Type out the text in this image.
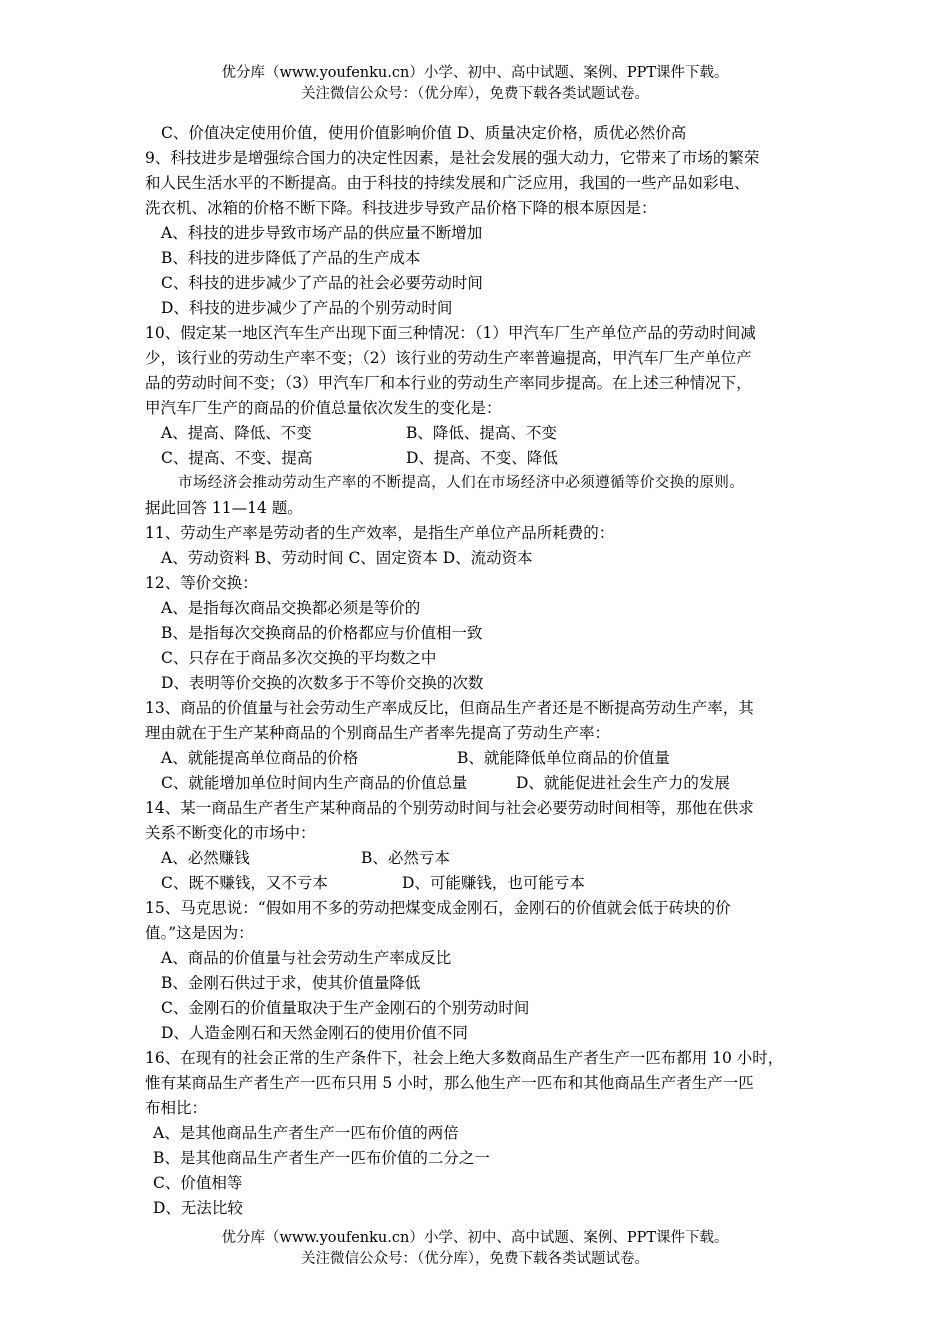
优分库（www.youfenku.cn）小学、初中、高中试题、案例、PPT课件下载。
关注微信公众号：（优分库），免费下载各类试题试卷。
C、价值决定使用价值，使用价值影响价值 D、质量决定价格，质优必然价高
9、科技进步是增强综合国力的决定性因素，是社会发展的强大动力，它带来了市场的繁荣
和人民生活水平的不断提高。由于科技的持续发展和广泛应用，我国的一些产品如彩电、
洗衣机、冰箱的价格不断下降。科技进步导致产品价格下降的根本原因是：
A、科技的进步导致市场产品的供应量不断增加
B、科技的进步降低了产品的生产成本
C、科技的进步减少了产品的社会必要劳动时间
D、科技的进步减少了产品的个别劳动时间
10、假定某一地区汽车生产出现下面三种情况：（1）甲汽车厂生产单位产品的劳动时间减
少，该行业的劳动生产率不变；（2）该行业的劳动生产率普遍提高，甲汽车厂生产单位产
品的劳动时间不变；（3）甲汽车厂和本行业的劳动生产率同步提高。在上述三种情况下，
甲汽车厂生产的商品的价值总量依次发生的变化是：
A、提高、降低、不变	B、降低、提高、不变
C、提高、不变、提高	D、提高、不变、降低
市场经济会推动劳动生产率的不断提高，人们在市场经济中必须遵循等价交换的原则。
据此回答 11—14 题。
11、劳动生产率是劳动者的生产效率，是指生产单位产品所耗费的：
A、劳动资料 B、劳动时间 C、固定资本 D、流动资本
12、等价交换：
A、是指每次商品交换都必须是等价的
B、是指每次交换商品的价格都应与价值相一致
C、只存在于商品多次交换的平均数之中
D、表明等价交换的次数多于不等价交换的次数
13、商品的价值量与社会劳动生产率成反比，但商品生产者还是不断提高劳动生产率，其
理由就在于生产某种商品的个别商品生产者率先提高了劳动生产率：
A、就能提高单位商品的价格	B、就能降低单位商品的价值量
C、就能增加单位时间内生产商品的价值总量	D、就能促进社会生产力的发展
14、某一商品生产者生产某种商品的个别劳动时间与社会必要劳动时间相等，那他在供求
关系不断变化的市场中：
A、必然赚钱	B、必然亏本
C、既不赚钱，又不亏本	D、可能赚钱，也可能亏本
15、马克思说：“假如用不多的劳动把煤变成金刚石，金刚石的价值就会低于砖块的价
值。”这是因为：
A、商品的价值量与社会劳动生产率成反比
B、金刚石供过于求，使其价值量降低
C、金刚石的价值量取决于生产金刚石的个别劳动时间
D、人造金刚石和天然金刚石的使用价值不同
16、在现有的社会正常的生产条件下，社会上绝大多数商品生产者生产一匹布都用 10 小时，
惟有某商品生产者生产一匹布只用 5 小时，那么他生产一匹布和其他商品生产者生产一匹
布相比：
A、是其他商品生产者生产一匹布价值的两倍
B、是其他商品生产者生产一匹布价值的二分之一
C、价值相等
D、无法比较
优分库（www.youfenku.cn）小学、初中、高中试题、案例、PPT课件下载。
关注微信公众号：（优分库），免费下载各类试题试卷。
